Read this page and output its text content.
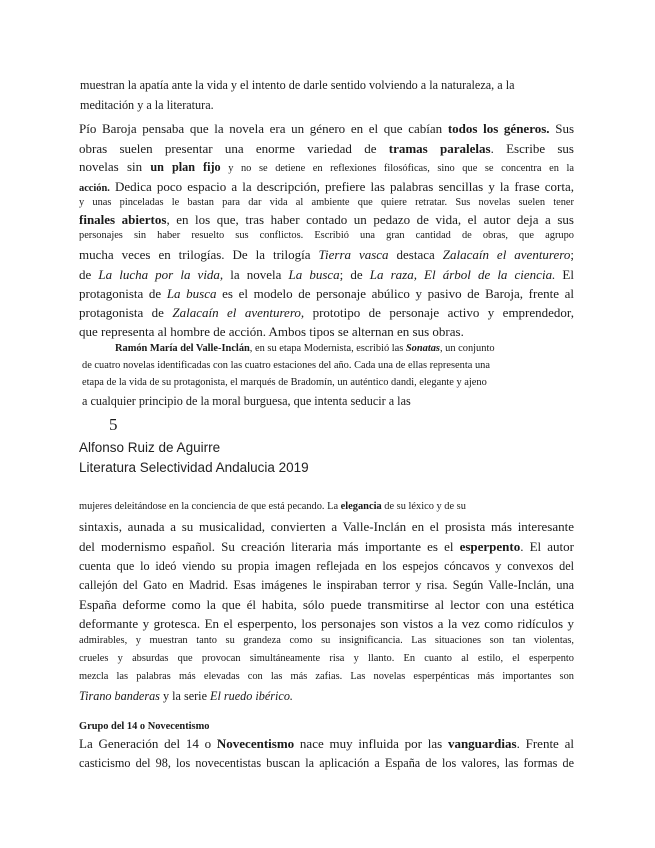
muestran la apatía ante la vida y el intento de darle sentido volviendo a la naturaleza, a la
meditación y a la literatura.
Pío Baroja pensaba que la novela era un género en el que cabían todos los géneros. Sus
obras suelen presentar una enorme variedad de tramas paralelas. Escribe sus
novelas sin un plan fijo y no se detiene en reflexiones filosóficas, sino que se concentra en la
acción. Dedica poco espacio a la descripción, prefiere las palabras sencillas y la frase corta,
y unas pinceladas le bastan para dar vida al ambiente que quiere retratar. Sus novelas suelen tener
finales abiertos, en los que, tras haber contado un pedazo de vida, el autor deja a sus
personajes sin haber resuelto sus conflictos. Escribió una gran cantidad de obras, que agrupo
mucha veces en trilogías. De la trilogía Tierra vasca destaca Zalacaín el aventurero;
de La lucha por la vida, la novela La busca; de La raza, El árbol de la ciencia. El
protagonista de La busca es el modelo de personaje abúlico y pasivo de Baroja, frente al
protagonista de Zalacaín el aventurero, prototipo de personaje activo y emprendedor,
que representa al hombre de acción. Ambos tipos se alternan en sus obras.
Ramón María del Valle-Inclán, en su etapa Modernista, escribió las Sonatas, un conjunto
de cuatro novelas identificadas con las cuatro estaciones del año. Cada una de ellas representa una
etapa de la vida de su protagonista, el marqués de Bradomín, un auténtico dandi, elegante y ajeno
a cualquier principio de la moral burguesa, que intenta seducir a las
5
Alfonso Ruiz de Aguirre
Literatura Selectividad Andalucia 2019
mujeres deleitándose en la conciencia de que está pecando. La elegancia de su léxico y de su
sintaxis, aunada a su musicalidad, convierten a Valle-Inclán en el prosista más interesante
del modernismo español. Su creación literaria más importante es el esperpento. El autor
cuenta que lo ideó viendo su propia imagen reflejada en los espejos cóncavos y convexos del
callejón del Gato en Madrid. Esas imágenes le inspiraban terror y risa. Según Valle-Inclán, una
España deforme como la que él habita, sólo puede transmitirse al lector con una estética
deformante y grotesca. En el esperpento, los personajes son vistos a la vez como ridículos y
admirables, y muestran tanto su grandeza como su insignificancia. Las situaciones son tan violentas,
crueles y absurdas que provocan simultáneamente risa y llanto. En cuanto al estilo, el esperpento
mezcla las palabras más elevadas con las más zafias. Las novelas esperpénticas más importantes son
Tirano banderas y la serie El ruedo ibérico.
Grupo del 14 o Novecentismo
La Generación del 14 o Novecentismo nace muy influida por las vanguardias. Frente al
casticismo del 98, los novecentistas buscan la aplicación a España de los valores, las formas de
